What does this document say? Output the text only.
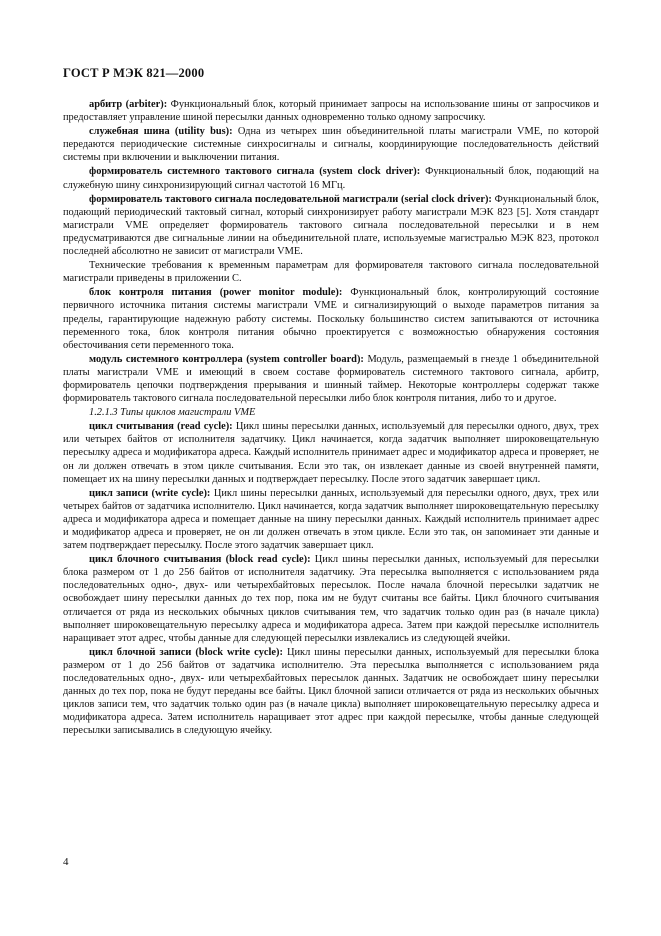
ГОСТ Р МЭК 821—2000

арбитр (arbiter): Функциональный блок, который принимает запросы на использование шины от запросчиков и предоставляет управление шиной пересылки данных одновременно только одному запросчику.

служебная шина (utility bus): Одна из четырех шин объединительной платы магистрали VME, по которой передаются периодические системные синхросигналы и сигналы, координирующие последовательность действий системы при включении и выключении питания.

формирователь системного тактового сигнала (system clock driver): Функциональный блок, подающий на служебную шину синхронизирующий сигнал частотой 16 МГц.

формирователь тактового сигнала последовательной магистрали (serial clock driver): Функциональный блок, подающий периодический тактовый сигнал, который синхронизирует работу магистрали МЭК 823 [5]. Хотя стандарт магистрали VME определяет формирователь тактового сигнала последовательной пересылки и в нем предусматриваются две сигнальные линии на объединительной плате, используемые магистралью МЭК 823, протокол последней абсолютно не зависит от магистрали VME.

Технические требования к временным параметрам для формирователя тактового сигнала последовательной магистрали приведены в приложении С.

блок контроля питания (power monitor module): Функциональный блок, контролирующий состояние первичного источника питания системы магистрали VME и сигнализирующий о выходе параметров питания за пределы, гарантирующие надежную работу системы. Поскольку большинство систем запитываются от источника переменного тока, блок контроля питания обычно проектируется с возможностью обнаружения состояния обесточивания сети переменного тока.

модуль системного контроллера (system controller board): Модуль, размещаемый в гнезде 1 объединительной платы магистрали VME и имеющий в своем составе формирователь системного тактового сигнала, арбитр, формирователь цепочки подтверждения прерывания и шинный таймер. Некоторые контроллеры содержат также формирователь тактового сигнала последовательной пересылки либо блок контроля питания, либо то и другое.

1.2.1.3 Типы циклов магистрали VME

цикл считывания (read cycle): Цикл шины пересылки данных, используемый для пересылки одного, двух, трех или четырех байтов от исполнителя задатчику. Цикл начинается, когда задатчик выполняет широковещательную пересылку адреса и модификатора адреса. Каждый исполнитель принимает адрес и модификатор адреса и проверяет, не он ли должен отвечать в этом цикле считывания. Если это так, он извлекает данные из своей внутренней памяти, помещает их на шину пересылки данных и подтверждает пересылку. После этого задатчик завершает цикл.

цикл записи (write cycle): Цикл шины пересылки данных, используемый для пересылки одного, двух, трех или четырех байтов от задатчика исполнителю. Цикл начинается, когда задатчик выполняет широковещательную пересылку адреса и модификатора адреса и помещает данные на шину пересылки данных. Каждый исполнитель принимает адрес и модификатор адреса и проверяет, не он ли должен отвечать в этом цикле. Если это так, он запоминает эти данные и затем подтверждает пересылку. После этого задатчик завершает цикл.

цикл блочного считывания (block read cycle): Цикл шины пересылки данных, используемый для пересылки блока размером от 1 до 256 байтов от исполнителя задатчику. Эта пересылка выполняется с использованием ряда последовательных одно-, двух- или четырехбайтовых пересылок. После начала блочной пересылки задатчик не освобождает шину пересылки данных до тех пор, пока им не будут считаны все байты. Цикл блочного считывания отличается от ряда из нескольких обычных циклов считывания тем, что задатчик только один раз (в начале цикла) выполняет широковещательную пересылку адреса и модификатора адреса. Затем при каждой пересылке исполнитель наращивает этот адрес, чтобы данные для следующей пересылки извлекались из следующей ячейки.

цикл блочной записи (block write cycle): Цикл шины пересылки данных, используемый для пересылки блока размером от 1 до 256 байтов от задатчика исполнителю. Эта пересылка выполняется с использованием ряда последовательных одно-, двух- или четырехбайтовых пересылок данных. Задатчик не освобождает шину пересылки данных до тех пор, пока не будут переданы все байты. Цикл блочной записи отличается от ряда из нескольких обычных циклов записи тем, что задатчик только один раз (в начале цикла) выполняет широковещательную пересылку адреса и модификатора адреса. Затем исполнитель наращивает этот адрес при каждой пересылке, чтобы данные следующей пересылки записывались в следующую ячейку.

4
